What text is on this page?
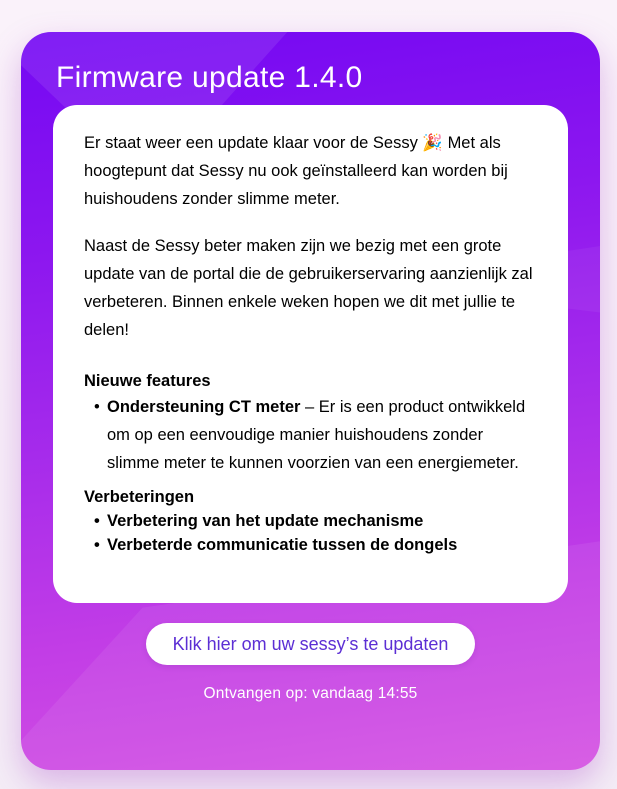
Firmware update 1.4.0

Er staat weer een update klaar voor de Sessy 🎉 Met als hoogtepunt dat Sessy nu ook geïnstalleerd kan worden bij huishoudens zonder slimme meter.

Naast de Sessy beter maken zijn we bezig met een grote update van de portal die de gebruikerservaring aanzienlijk zal verbeteren. Binnen enkele weken hopen we dit met jullie te delen!

Nieuwe features
• Ondersteuning CT meter – Er is een product ontwikkeld om op een eenvoudige manier huishoudens zonder slimme meter te kunnen voorzien van een energiemeter.
Verbeteringen
• Verbetering van het update mechanisme
• Verbeterde communicatie tussen de dongels
Klik hier om uw sessy’s te updaten
Ontvangen op: vandaag 14:55
